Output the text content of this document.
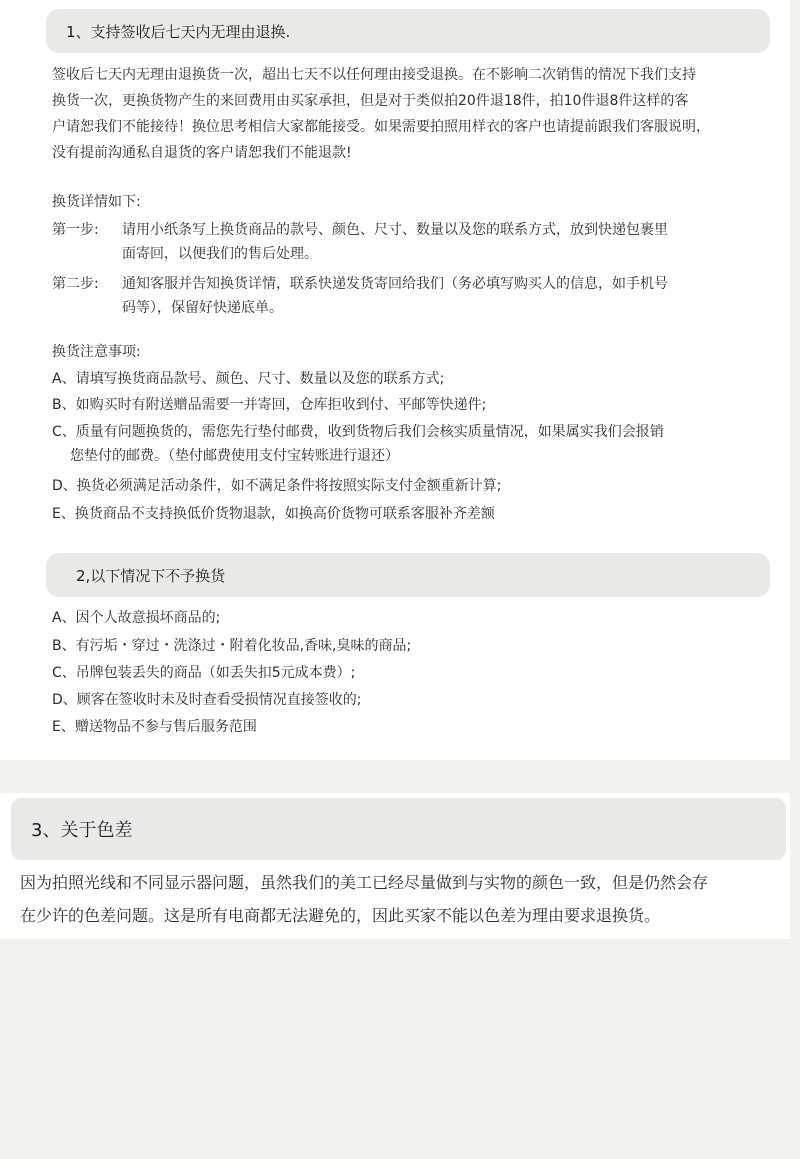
1、支持签收后七天内无理由退换.
签收后七天内无理由退换货一次，超出七天不以任何理由接受退换。在不影响二次销售的情况下我们支持
换货一次，更换货物产生的来回费用由买家承担，但是对于类似拍20件退18件，拍10件退8件这样的客
户请恕我们不能接待！换位思考相信大家都能接受。如果需要拍照用样衣的客户也请提前跟我们客服说明，
没有提前沟通私自退货的客户请恕我们不能退款!
换货详情如下:
第一步:	请用小纸条写上换货商品的款号、颜色、尺寸、数量以及您的联系方式，放到快递包裹里
面寄回，以便我们的售后处理。
第二步:	通知客服并告知换货详情，联系快递发货寄回给我们（务必填写购买人的信息，如手机号
码等），保留好快递底单。
换货注意事项:
A、请填写换货商品款号、颜色、尺寸、数量以及您的联系方式;
B、如购买时有附送赠品需要一并寄回，仓库拒收到付、平邮等快递件;
C、质量有问题换货的，需您先行垫付邮费，收到货物后我们会核实质量情况，如果属实我们会报销
您垫付的邮费。（垫付邮费使用支付宝转账进行退还）
D、换货必须满足活动条件，如不满足条件将按照实际支付金额重新计算;
E、换货商品不支持换低价货物退款，如换高价货物可联系客服补齐差额
2,以下情况下不予换货
A、因个人故意损坏商品的;
B、有污垢・穿过・洗涤过・附着化妆品,香味,臭味的商品;
C、吊牌包装丢失的商品（如丢失扣5元成本费）;
D、顾客在签收时未及时查看受损情况直接签收的;
E、赠送物品不参与售后服务范围
3、关于色差
因为拍照光线和不同显示器问题，虽然我们的美工已经尽量做到与实物的颜色一致，但是仍然会存
在少许的色差问题。这是所有电商都无法避免的，因此买家不能以色差为理由要求退换货。
